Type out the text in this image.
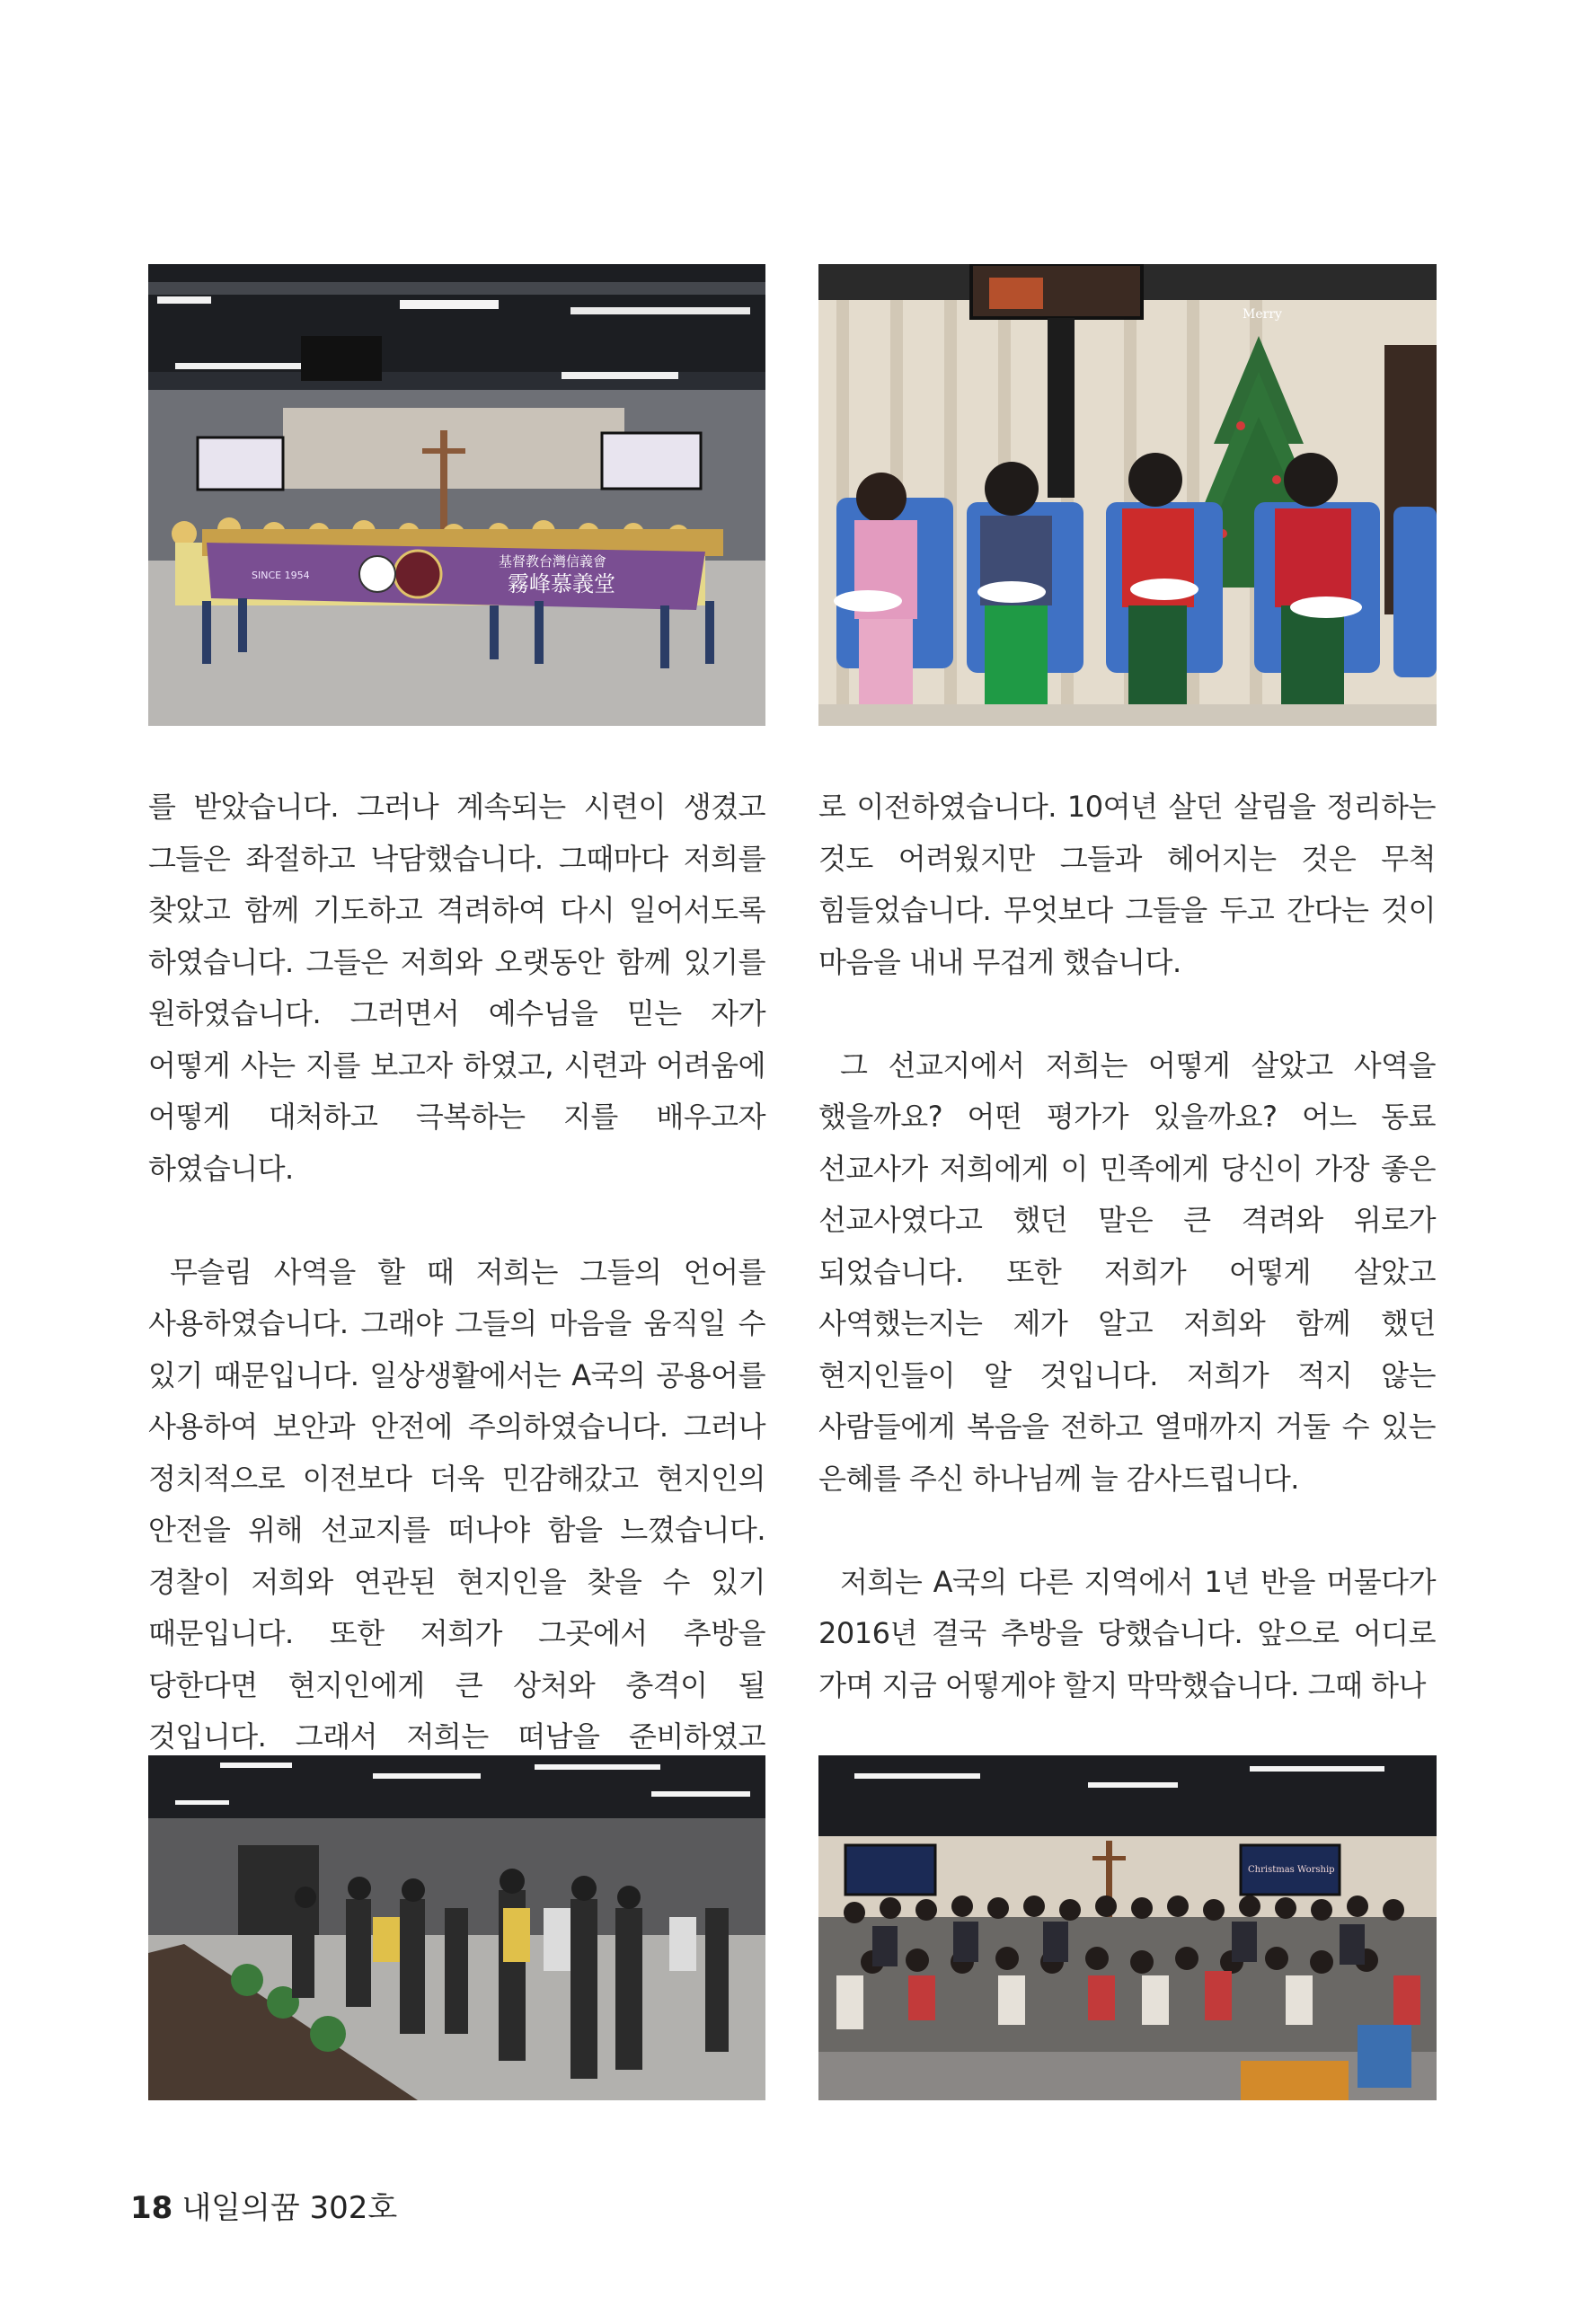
SINCE 1954
基督教台灣信義會
霧峰慕義堂
Merry

를 받았습니다. 그러나 계속되는 시련이 생겼고 그들은 좌절하고 낙담했습니다. 그때마다 저희를 찾았고 함께 기도하고 격려하여 다시 일어서도록 하였습니다. 그들은 저희와 오랫동안 함께 있기를 원하였습니다. 그러면서 예수님을 믿는 자가 어떻게 사는 지를 보고자 하였고, 시련과 어려움에 어떻게 대처하고 극복하는 지를 배우고자 하였습니다.

무슬림 사역을 할 때 저희는 그들의 언어를 사용하였습니다. 그래야 그들의 마음을 움직일 수 있기 때문입니다. 일상생활에서는 A국의 공용어를 사용하여 보안과 안전에 주의하였습니다. 그러나 정치적으로 이전보다 더욱 민감해갔고 현지인의 안전을 위해 선교지를 떠나야 함을 느꼈습니다. 경찰이 저희와 연관된 현지인을 찾을 수 있기 때문입니다. 또한 저희가 그곳에서 추방을 당한다면 현지인에게 큰 상처와 충격이 될 것입니다. 그래서 저희는 떠남을 준비하였고

로 이전하였습니다. 10여년 살던 살림을 정리하는 것도 어려웠지만 그들과 헤어지는 것은 무척 힘들었습니다. 무엇보다 그들을 두고 간다는 것이 마음을 내내 무겁게 했습니다.

그 선교지에서 저희는 어떻게 살았고 사역을 했을까요? 어떤 평가가 있을까요? 어느 동료 선교사가 저희에게 이 민족에게 당신이 가장 좋은 선교사였다고 했던 말은 큰 격려와 위로가 되었습니다. 또한 저희가 어떻게 살았고 사역했는지는 제가 알고 저희와 함께 했던 현지인들이 알 것입니다. 저희가 적지 않는 사람들에게 복음을 전하고 열매까지 거둘 수 있는 은혜를 주신 하나님께 늘 감사드립니다.

저희는 A국의 다른 지역에서 1년 반을 머물다가 2016년 결국 추방을 당했습니다. 앞으로 어디로 가며 지금 어떻게야 할지 막막했습니다. 그때 하나

Christmas Worship
18 내일의꿈 302호
